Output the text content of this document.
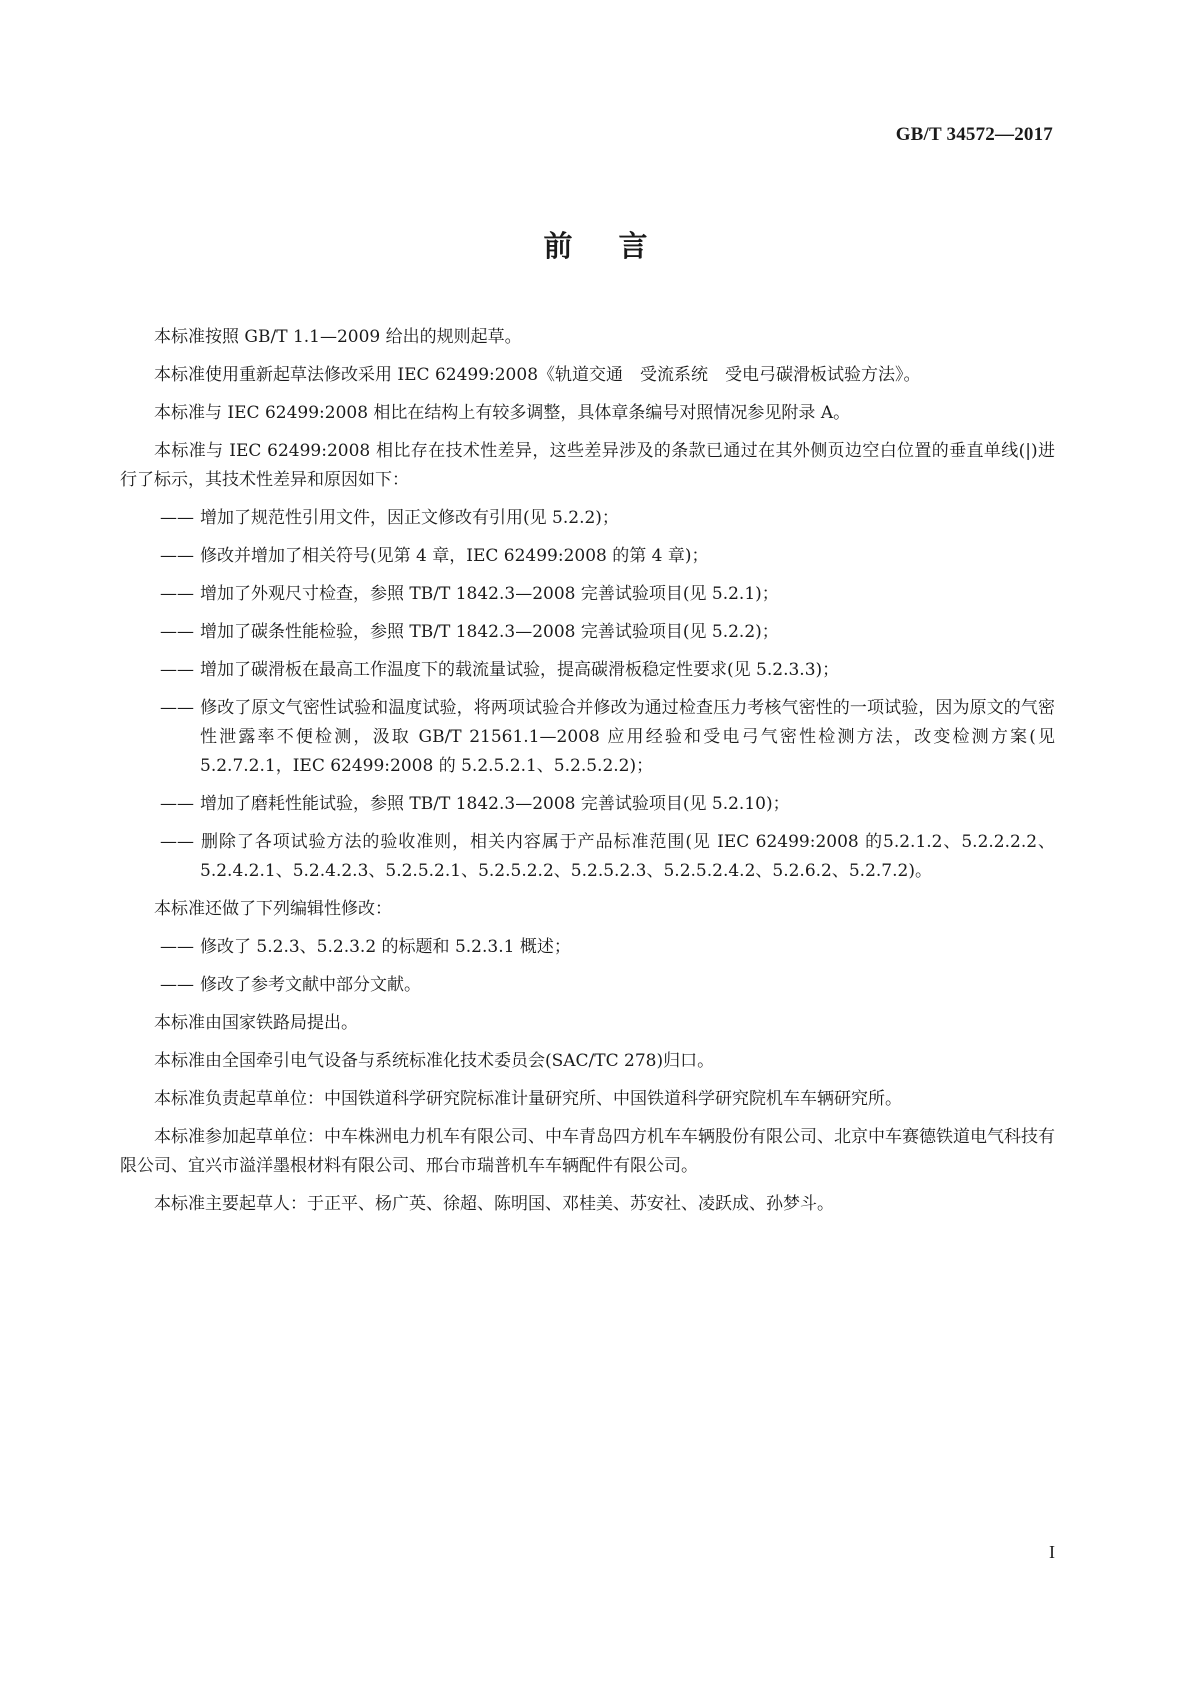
GB/T 34572—2017
前言

本标准按照 GB/T 1.1—2009 给出的规则起草。

本标准使用重新起草法修改采用 IEC 62499:2008《轨道交通　受流系统　受电弓碳滑板试验方法》。

本标准与 IEC 62499:2008 相比在结构上有较多调整，具体章条编号对照情况参见附录 A。

本标准与 IEC 62499:2008 相比存在技术性差异，这些差异涉及的条款已通过在其外侧页边空白位置的垂直单线(|)进行了标示，其技术性差异和原因如下：

—— 增加了规范性引用文件，因正文修改有引用(见 5.2.2)；
—— 修改并增加了相关符号(见第 4 章，IEC 62499:2008 的第 4 章)；
—— 增加了外观尺寸检查，参照 TB/T 1842.3—2008 完善试验项目(见 5.2.1)；
—— 增加了碳条性能检验，参照 TB/T 1842.3—2008 完善试验项目(见 5.2.2)；
—— 增加了碳滑板在最高工作温度下的载流量试验，提高碳滑板稳定性要求(见 5.2.3.3)；
—— 修改了原文气密性试验和温度试验，将两项试验合并修改为通过检查压力考核气密性的一项试验，因为原文的气密性泄露率不便检测，汲取 GB/T 21561.1—2008 应用经验和受电弓气密性检测方法，改变检测方案(见 5.2.7.2.1，IEC 62499:2008 的 5.2.5.2.1、5.2.5.2.2)；
—— 增加了磨耗性能试验，参照 TB/T 1842.3—2008 完善试验项目(见 5.2.10)；
—— 删除了各项试验方法的验收准则，相关内容属于产品标准范围(见 IEC 62499:2008 的5.2.1.2、5.2.2.2.2、5.2.4.2.1、5.2.4.2.3、5.2.5.2.1、5.2.5.2.2、5.2.5.2.3、5.2.5.2.4.2、5.2.6.2、5.2.7.2)。

本标准还做了下列编辑性修改：

—— 修改了 5.2.3、5.2.3.2 的标题和 5.2.3.1 概述；
—— 修改了参考文献中部分文献。

本标准由国家铁路局提出。

本标准由全国牵引电气设备与系统标准化技术委员会(SAC/TC 278)归口。

本标准负责起草单位：中国铁道科学研究院标准计量研究所、中国铁道科学研究院机车车辆研究所。

本标准参加起草单位：中车株洲电力机车有限公司、中车青岛四方机车车辆股份有限公司、北京中车赛德铁道电气科技有限公司、宜兴市溢洋墨根材料有限公司、邢台市瑞普机车车辆配件有限公司。

本标准主要起草人：于正平、杨广英、徐超、陈明国、邓桂美、苏安社、凌跃成、孙梦斗。

I
